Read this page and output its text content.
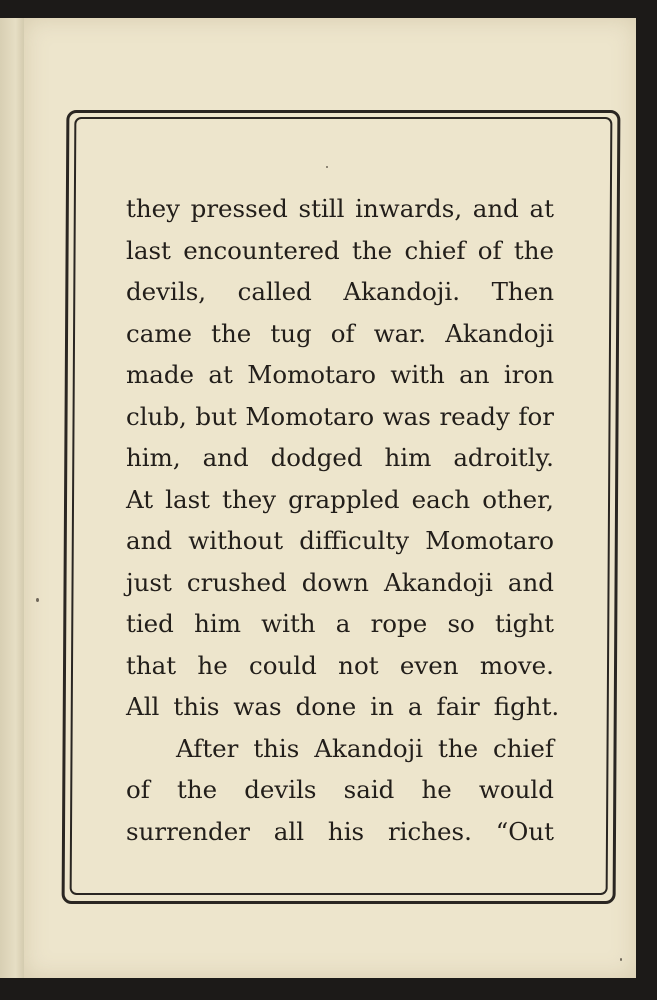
they pressed still inwards, and at
last encountered the chief of the
devils, called Akandoji. Then
came the tug of war. Akandoji
made at Momotaro with an iron
club, but Momotaro was ready for
him, and dodged him adroitly.
At last they grappled each other,
and without difficulty Momotaro
just crushed down Akandoji and
tied him with a rope so tight
that he could not even move.
All this was done in a fair fight.
After this Akandoji the chief
of the devils said he would
surrender all his riches. “Out
